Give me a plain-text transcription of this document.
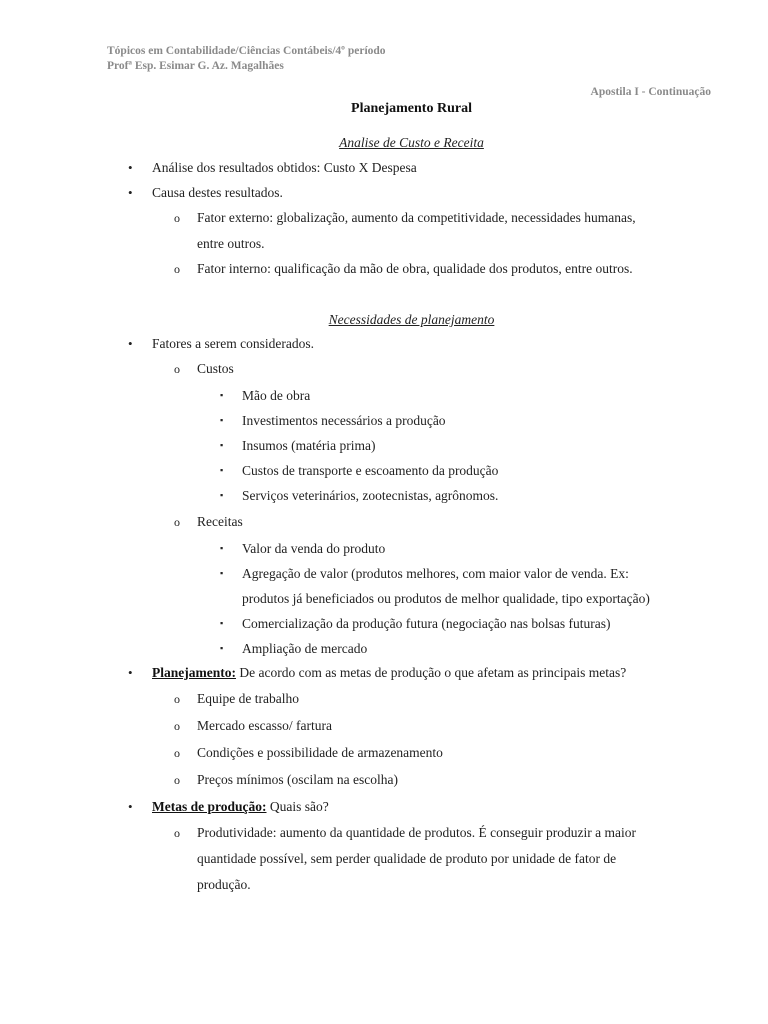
Tópicos em Contabilidade/Ciências Contábeis/4º período
Profª Esp. Esimar G. Az. Magalhães
Apostila I - Continuação
Planejamento Rural
Analise de Custo e Receita
• Análise dos resultados obtidos: Custo X Despesa
• Causa destes resultados.
o Fator externo: globalização, aumento da competitividade, necessidades humanas,
entre outros.
o Fator interno: qualificação da mão de obra, qualidade dos produtos, entre outros.
Necessidades de planejamento
• Fatores a serem considerados.
o Custos
▪ Mão de obra
▪ Investimentos necessários a produção
▪ Insumos (matéria prima)
▪ Custos de transporte e escoamento da produção
▪ Serviços veterinários, zootecnistas, agrônomos.
o Receitas
▪ Valor da venda do produto
▪ Agregação de valor (produtos melhores, com maior valor de venda. Ex:
produtos já beneficiados ou produtos de melhor qualidade, tipo exportação)
▪ Comercialização da produção futura (negociação nas bolsas futuras)
▪ Ampliação de mercado
• Planejamento: De acordo com as metas de produção o que afetam as principais metas?
o Equipe de trabalho
o Mercado escasso/ fartura
o Condições e possibilidade de armazenamento
o Preços mínimos (oscilam na escolha)
• Metas de produção: Quais são?
o Produtividade: aumento da quantidade de produtos. É conseguir produzir a maior
quantidade possível, sem perder qualidade de produto por unidade de fator de
produção.
